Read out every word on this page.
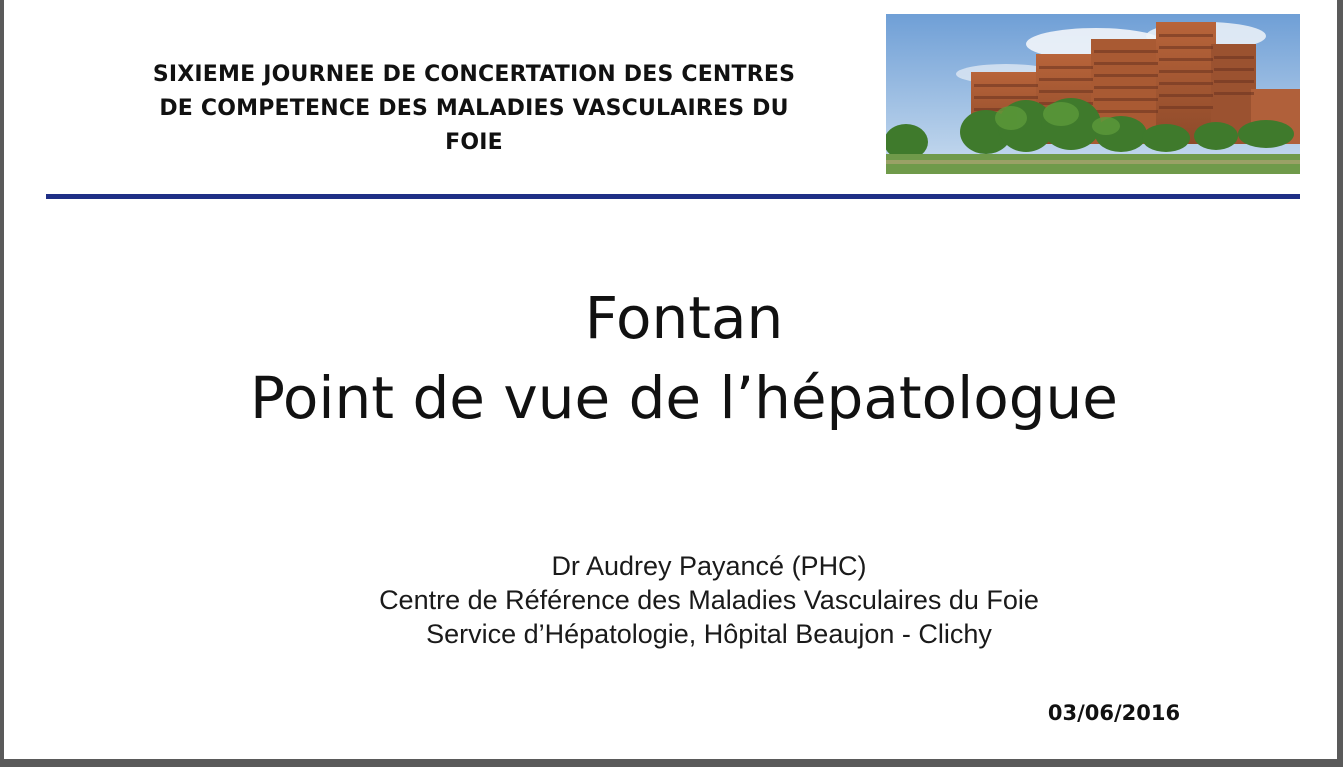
SIXIEME JOURNEE DE CONCERTATION DES CENTRES
DE COMPETENCE DES MALADIES VASCULAIRES DU
FOIE
Fontan
Point de vue de l’hépatologue
Dr Audrey Payancé (PHC)
Centre de Référence des Maladies Vasculaires du Foie
Service d’Hépatologie, Hôpital Beaujon - Clichy
03/06/2016
